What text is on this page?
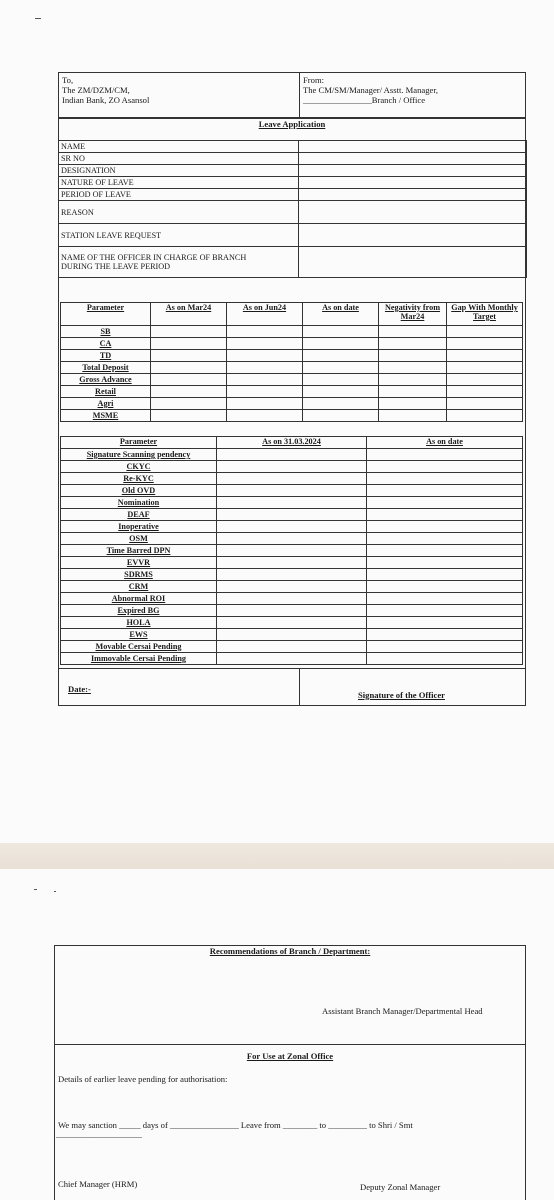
To,
The ZM/DZM/CM,
Indian Bank, ZO Asansol
From:
The CM/SM/Manager/ Asstt. Manager,
________________Branch / Office
Leave Application
NAME	
SR NO	
DESIGNATION	
NATURE OF LEAVE	
PERIOD OF LEAVE	
REASON	
STATION LEAVE REQUEST	
NAME OF THE OFFICER IN CHARGE OF BRANCH
DURING THE LEAVE PERIOD	
Parameter	As on Mar24	As on Jun24	As on date	Negativity from Mar24	Gap With Monthly Target
SB					
CA					
TD					
Total Deposit					
Gross Advance					
Retail					
Agri					
MSME					
Parameter	As on 31.03.2024	As on date
Signature Scanning pendency		
CKYC		
Re-KYC		
Old OVD		
Nomination		
DEAF		
Inoperative		
OSM		
Time Barred DPN		
EVVR		
SDRMS		
CRM		
Abnormal ROI		
Expired BG		
HOLA		
EWS		
Movable Cersai Pending		
Immovable Cersai Pending		
Date:-
Signature of the Officer
Recommendations of Branch / Department:
Assistant Branch Manager/Departmental Head
For Use at Zonal Office
Details of earlier leave pending for authorisation:
We may sanction _____ days of ________________ Leave from ________ to _________ to Shri / Smt
____________________
Chief Manager (HRM)	Deputy Zonal Manager
